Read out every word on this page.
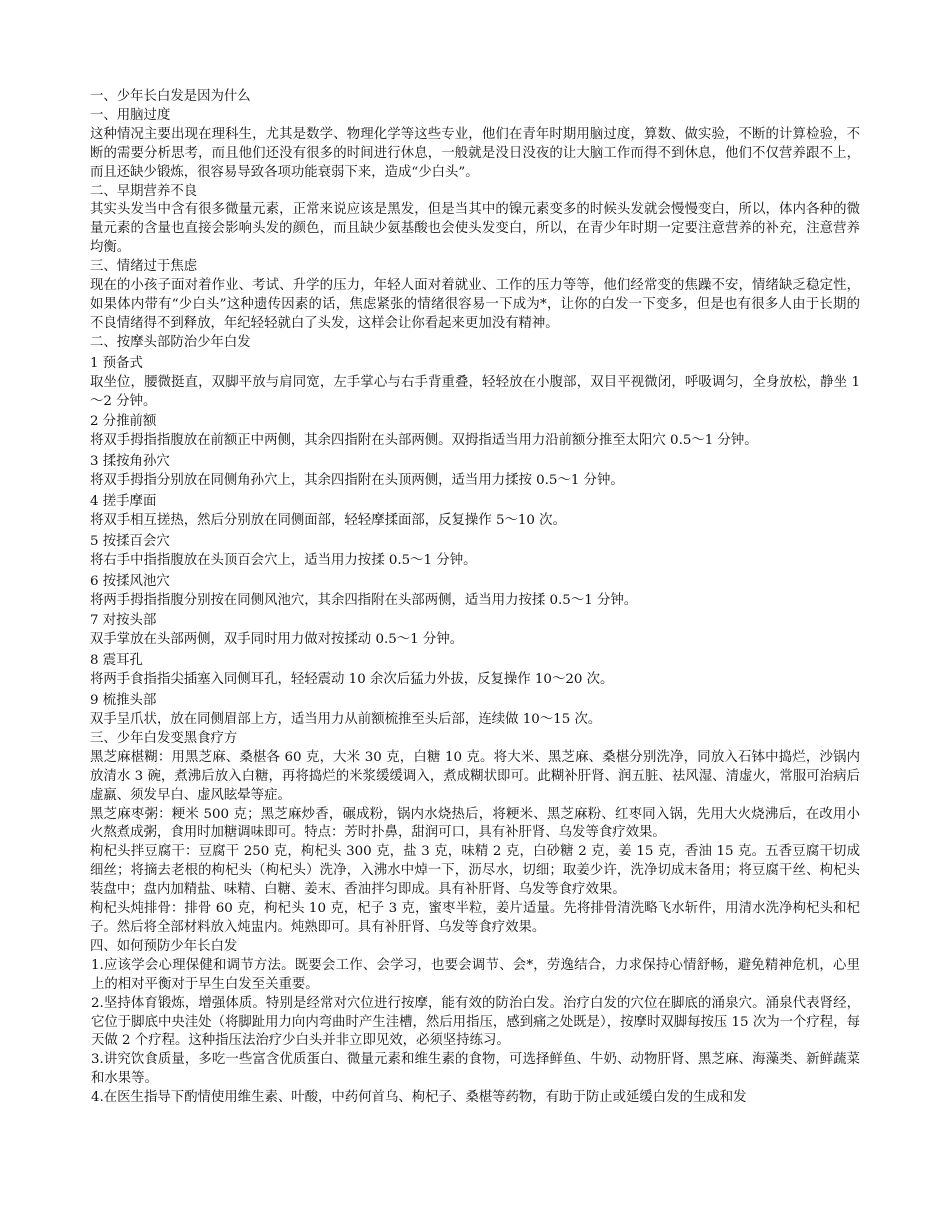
一、少年长白发是因为什么

一、用脑过度

这种情况主要出现在理科生，尤其是数学、物理化学等这些专业，他们在青年时期用脑过度，算数、做实验，不断的计算检验，不断的需要分析思考，而且他们还没有很多的时间进行休息，一般就是没日没夜的让大脑工作而得不到休息，他们不仅营养跟不上，而且还缺少锻炼，很容易导致各项功能衰弱下来，造成“少白头”。

二、早期营养不良

其实头发当中含有很多微量元素，正常来说应该是黑发，但是当其中的镍元素变多的时候头发就会慢慢变白，所以，体内各种的微量元素的含量也直接会影响头发的颜色，而且缺少氨基酸也会使头发变白，所以，在青少年时期一定要注意营养的补充，注意营养均衡。

三、情绪过于焦虑

现在的小孩子面对着作业、考试、升学的压力，年轻人面对着就业、工作的压力等等，他们经常变的焦躁不安，情绪缺乏稳定性，如果体内带有“少白头”这种遗传因素的话，焦虑紧张的情绪很容易一下成为*，让你的白发一下变多，但是也有很多人由于长期的不良情绪得不到释放，年纪轻轻就白了头发，这样会让你看起来更加没有精神。

二、按摩头部防治少年白发

1 预备式

取坐位，腰微挺直，双脚平放与肩同宽，左手掌心与右手背重叠，轻轻放在小腹部，双目平视微闭，呼吸调匀，全身放松，静坐 1～2 分钟。

2 分推前额

将双手拇指指腹放在前额正中两侧，其余四指附在头部两侧。双拇指适当用力沿前额分推至太阳穴 0.5～1 分钟。

3 揉按角孙穴

将双手拇指分别放在同侧角孙穴上，其余四指附在头顶两侧，适当用力揉按 0.5～1 分钟。

4 搓手摩面

将双手相互搓热，然后分别放在同侧面部，轻轻摩揉面部，反复操作 5～10 次。

5 按揉百会穴

将右手中指指腹放在头顶百会穴上，适当用力按揉 0.5～1 分钟。

6 按揉风池穴

将两手拇指指腹分别按在同侧风池穴，其余四指附在头部两侧，适当用力按揉 0.5～1 分钟。

7 对按头部

双手掌放在头部两侧，双手同时用力做对按揉动 0.5～1 分钟。

8 震耳孔

将两手食指指尖插塞入同侧耳孔，轻轻震动 10 余次后猛力外拔，反复操作 10～20 次。

9 梳推头部

双手呈爪状，放在同侧眉部上方，适当用力从前额梳推至头后部，连续做 10～15 次。

三、少年白发变黑食疗方

黑芝麻椹糊：用黑芝麻、桑椹各 60 克，大米 30 克，白糖 10 克。将大米、黑芝麻、桑椹分别洗净，同放入石钵中捣烂，沙锅内放清水 3 碗，煮沸后放入白糖，再将捣烂的米浆缓缓调入，煮成糊状即可。此糊补肝肾、润五脏、祛风湿、清虚火，常服可治病后虚羸、须发早白、虚风眩晕等症。

黑芝麻枣粥：粳米 500 克；黑芝麻炒香，碾成粉，锅内水烧热后，将粳米、黑芝麻粉、红枣同入锅，先用大火烧沸后，在改用小火熬煮成粥，食用时加糖调味即可。特点：芳时扑鼻，甜润可口，具有补肝肾、乌发等食疗效果。

枸杞头拌豆腐干：豆腐干 250 克，枸杞头 300 克，盐 3 克，味精 2 克，白砂糖 2 克，姜 15 克，香油 15 克。五香豆腐干切成细丝；将摘去老根的枸杞头（枸杞头）洗净，入沸水中焯一下，沥尽水，切细；取姜少许，洗净切成末备用；将豆腐干丝、枸杞头装盘中；盘内加精盐、味精、白糖、姜末、香油拌匀即成。具有补肝肾、乌发等食疗效果。

枸杞头炖排骨：排骨 60 克，枸杞头 10 克，杞子 3 克，蜜枣半粒，姜片适量。先将排骨清洗略飞水斩件，用清水洗净枸杞头和杞子。然后将全部材料放入炖盅内。炖熟即可。具有补肝肾、乌发等食疗效果。

四、如何预防少年长白发

1.应该学会心理保健和调节方法。既要会工作、会学习，也要会调节、会*，劳逸结合，力求保持心情舒畅，避免精神危机，心里上的相对平衡对于早生白发至关重要。

2.坚持体育锻炼，增强体质。特别是经常对穴位进行按摩，能有效的防治白发。治疗白发的穴位在脚底的涌泉穴。涌泉代表肾经，它位于脚底中央洼处（将脚趾用力向内弯曲时产生洼槽，然后用指压，感到痛之处既是），按摩时双脚每按压 15 次为一个疗程，每天做 2 个疗程。这种指压法治疗少白头并非立即见效，必须坚持练习。

3.讲究饮食质量，多吃一些富含优质蛋白、微量元素和维生素的食物，可选择鲜鱼、牛奶、动物肝肾、黑芝麻、海藻类、新鲜蔬菜和水果等。

4.在医生指导下酌情使用维生素、叶酸，中药何首乌、枸杞子、桑椹等药物，有助于防止或延缓白发的生成和发
